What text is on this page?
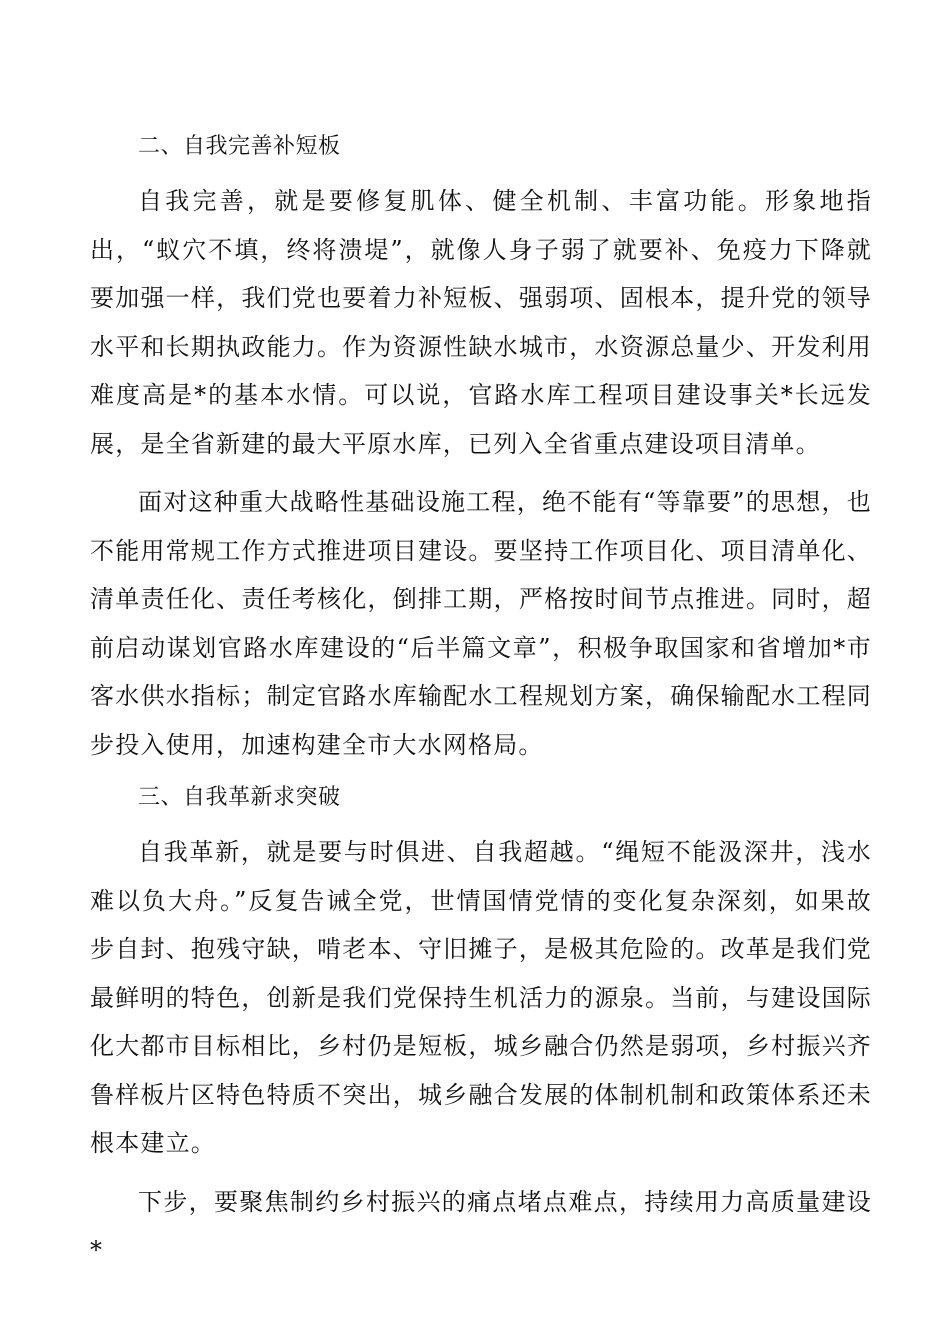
二、自我完善补短板

自我完善，就是要修复肌体、健全机制、丰富功能。形象地指出，“蚁穴不填，终将溃堤”，就像人身子弱了就要补、免疫力下降就要加强一样，我们党也要着力补短板、强弱项、固根本，提升党的领导水平和长期执政能力。作为资源性缺水城市，水资源总量少、开发利用难度高是*的基本水情。可以说，官路水库工程项目建设事关*长远发展，是全省新建的最大平原水库，已列入全省重点建设项目清单。

面对这种重大战略性基础设施工程，绝不能有“等靠要”的思想，也不能用常规工作方式推进项目建设。要坚持工作项目化、项目清单化、清单责任化、责任考核化，倒排工期，严格按时间节点推进。同时，超前启动谋划官路水库建设的“后半篇文章”，积极争取国家和省增加*市客水供水指标；制定官路水库输配水工程规划方案，确保输配水工程同步投入使用，加速构建全市大水网格局。

三、自我革新求突破

自我革新，就是要与时俱进、自我超越。“绳短不能汲深井，浅水难以负大舟。”反复告诫全党，世情国情党情的变化复杂深刻，如果故步自封、抱残守缺，啃老本、守旧摊子，是极其危险的。改革是我们党最鲜明的特色，创新是我们党保持生机活力的源泉。当前，与建设国际化大都市目标相比，乡村仍是短板，城乡融合仍然是弱项，乡村振兴齐鲁样板片区特色特质不突出，城乡融合发展的体制机制和政策体系还未根本建立。

下步，要聚焦制约乡村振兴的痛点堵点难点，持续用力高质量建设*
